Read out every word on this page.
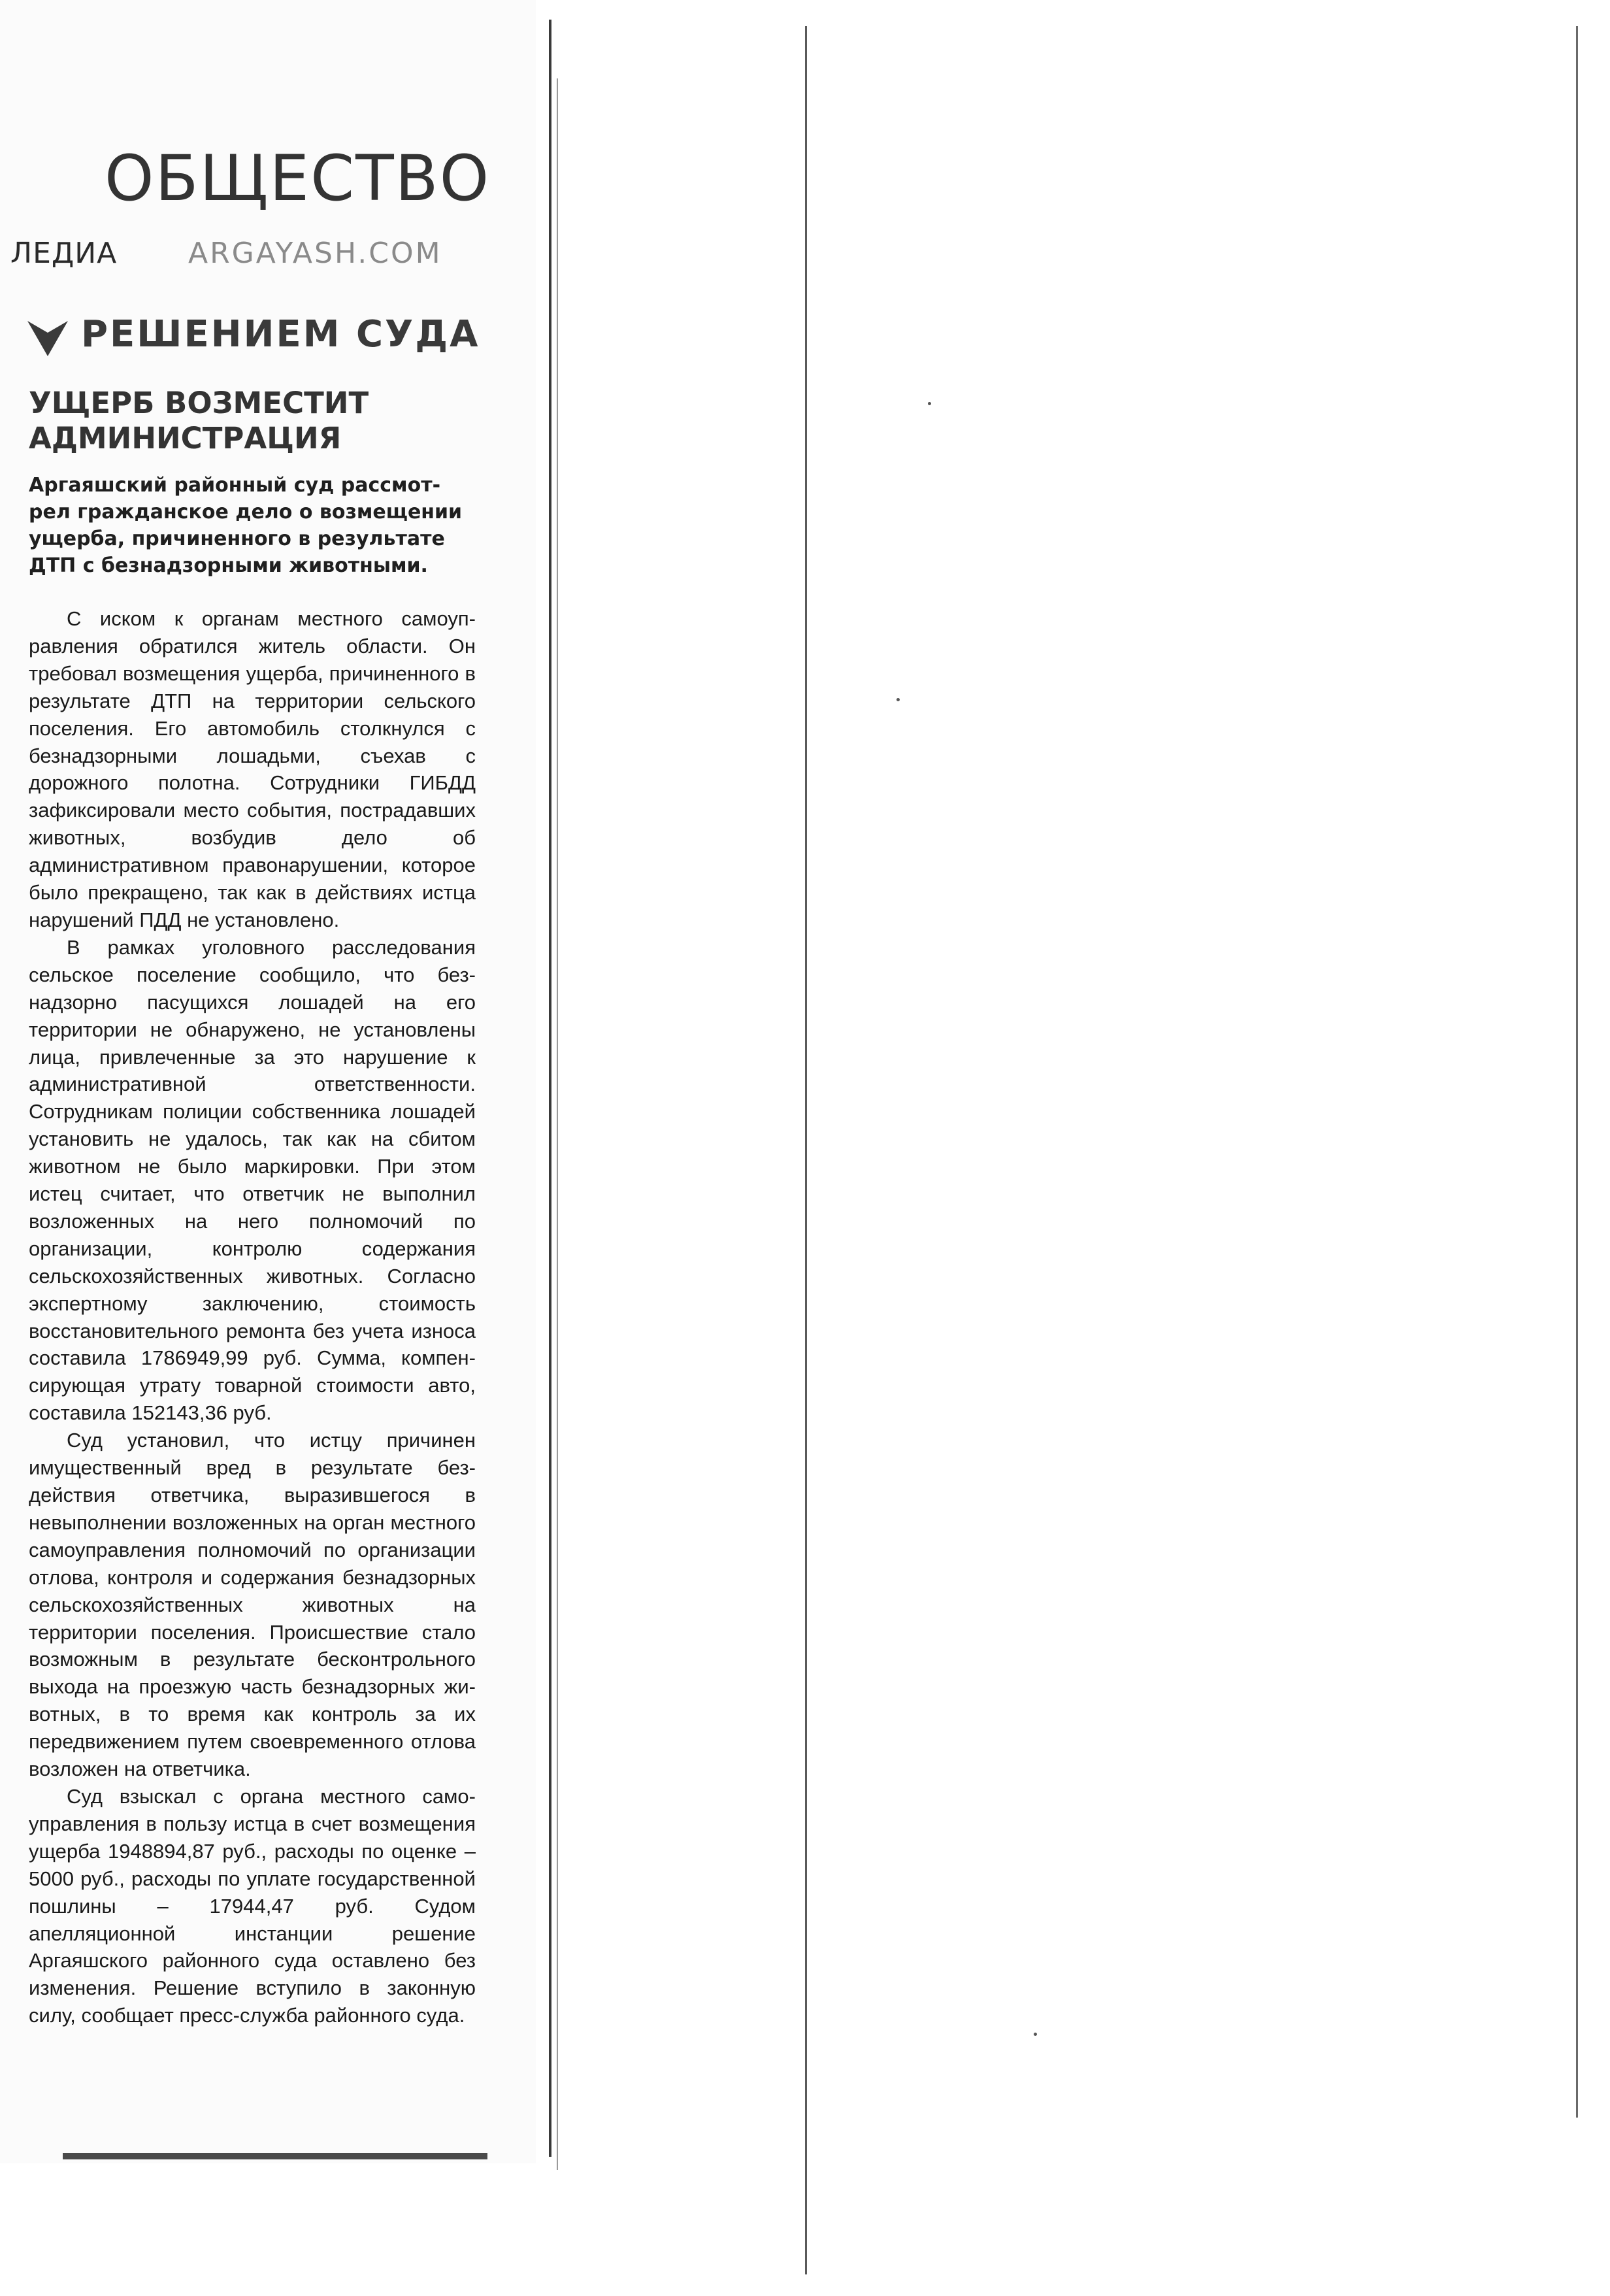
ОБЩЕСТВО
ЛЕДИА ARGAYASH.COM
РЕШЕНИЕМ СУДА
УЩЕРБ ВОЗМЕСТИТ
АДМИНИСТРАЦИЯ
Аргаяшский районный суд рассмот-
рел гражданское дело о возмещении
ущерба, причиненного в результате
ДТП с безнадзорными животными.

С иском к органам местного самоуправления обратился житель области. Он требовал возмещения ущерба, причиненного в результате ДТП на территории сельского поселения. Его автомобиль столкнулся с безнадзорными лошадьми, съехав с дорожного полотна. Сотрудники ГИБДД зафиксировали место события, пострадавших животных, возбудив дело об административном правонарушении, которое было прекращено, так как в действиях истца нарушений ПДД не установлено.

В рамках уголовного расследования сельское поселение сообщило, что безнадзорно пасущихся лошадей на его территории не обнаружено, не установлены лица, привлеченные за это нарушение к административной ответственности. Сотрудникам полиции собственника лошадей установить не удалось, так как на сбитом животном не было маркировки. При этом истец считает, что ответчик не выполнил возложенных на него полномочий по организации, контролю содержания сельскохозяйственных животных. Согласно экспертному заключению, стоимость восстановительного ремонта без учета износа составила 1786949,99 руб. Сумма, компенсирующая утрату товарной стоимости авто, составила 152143,36 руб.

Суд установил, что истцу причинен имущественный вред в результате бездействия ответчика, выразившегося в невыполнении возложенных на орган местного самоуправления полномочий по организации отлова, контроля и содержания безнадзорных сельскохозяйственных животных на территории поселения. Происшествие стало возможным в результате бесконтрольного выхода на проезжую часть безнадзорных животных, в то время как контроль за их передвижением путем своевременного отлова возложен на ответчика.

Суд взыскал с органа местного самоуправления в пользу истца в счет возмещения ущерба 1948894,87 руб., расходы по оценке – 5000 руб., расходы по уплате государственной пошлины – 17944,47 руб. Судом апелляционной инстанции решение Аргаяшского районного суда оставлено без изменения. Решение вступило в законную силу, сообщает пресс-служба районного суда.
